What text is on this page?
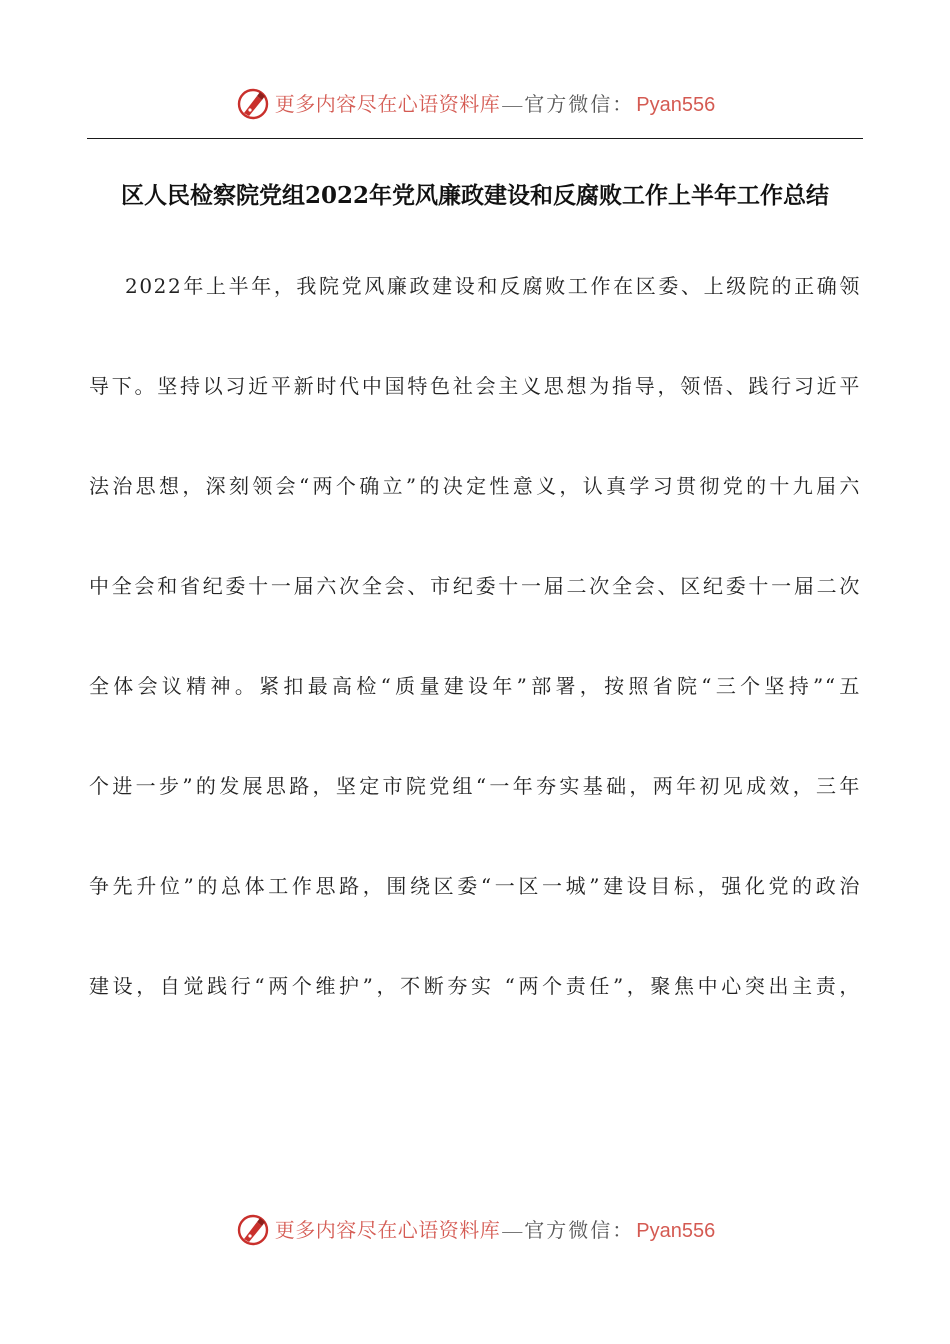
更多内容尽在心语资料库 — 官方微信： Pyan556
区人民检察院党组2022年党风廉政建设和反腐败工作上半年工作总结
2022年上半年，我院党风廉政建设和反腐败工作在区委、上级院的正确领
导下。坚持以习近平新时代中国特色社会主义思想为指导，领悟、践行习近平
法治思想，深刻领会“两个确立”的决定性意义，认真学习贯彻党的十九届六
中全会和省纪委十一届六次全会、市纪委十一届二次全会、区纪委十一届二次
全体会议精神。紧扣最高检“质量建设年”部署，按照省院“三个坚持”“五
个进一步”的发展思路，坚定市院党组“一年夯实基础，两年初见成效，三年
争先升位”的总体工作思路，围绕区委“一区一城”建设目标，强化党的政治
建设，自觉践行“两个维护”，不断夯实 “两个责任”，聚焦中心突出主责，
更多内容尽在心语资料库 — 官方微信： Pyan556
